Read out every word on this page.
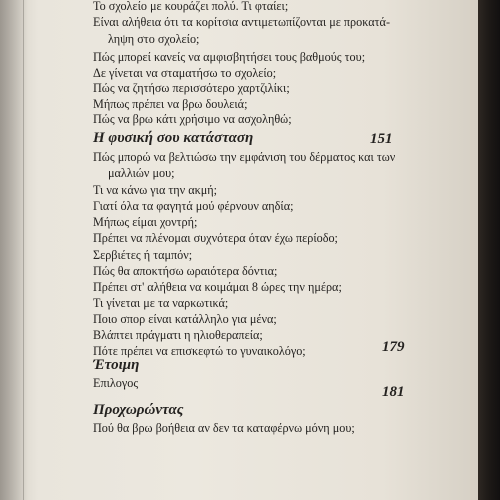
Το σχολείο με κουράζει πολύ. Τι φταίει;
Είναι αλήθεια ότι τα κορίτσια αντιμετωπίζονται με προκατά-
ληψη στο σχολείο;
Πώς μπορεί κανείς να αμφισβητήσει τους βαθμούς του;
Δε γίνεται να σταματήσω το σχολείο;
Πώς να ζητήσω περισσότερο χαρτζιλίκι;
Μήπως πρέπει να βρω δουλειά;
Πώς να βρω κάτι χρήσιμο να ασχοληθώ;
Η φυσική σου κατάσταση	151
Πώς μπορώ να βελτιώσω την εμφάνιση του δέρματος και των
μαλλιών μου;
Τι να κάνω για την ακμή;
Γιατί όλα τα φαγητά μού φέρνουν αηδία;
Μήπως είμαι χοντρή;
Πρέπει να πλένομαι συχνότερα όταν έχω περίοδο;
Σερβιέτες ή ταμπόν;
Πώς θα αποκτήσω ωραιότερα δόντια;
Πρέπει στ' αλήθεια να κοιμάμαι 8 ώρες την ημέρα;
Τι γίνεται με τα ναρκωτικά;
Ποιο σπορ είναι κατάλληλο για μένα;
Βλάπτει πράγματι η ηλιοθεραπεία;
Πότε πρέπει να επισκεφτώ το γυναικολόγο;	179
Έτοιμη
Επιλογος
181
Προχωρώντας
Πού θα βρω βοήθεια αν δεν τα καταφέρνω μόνη μου;
